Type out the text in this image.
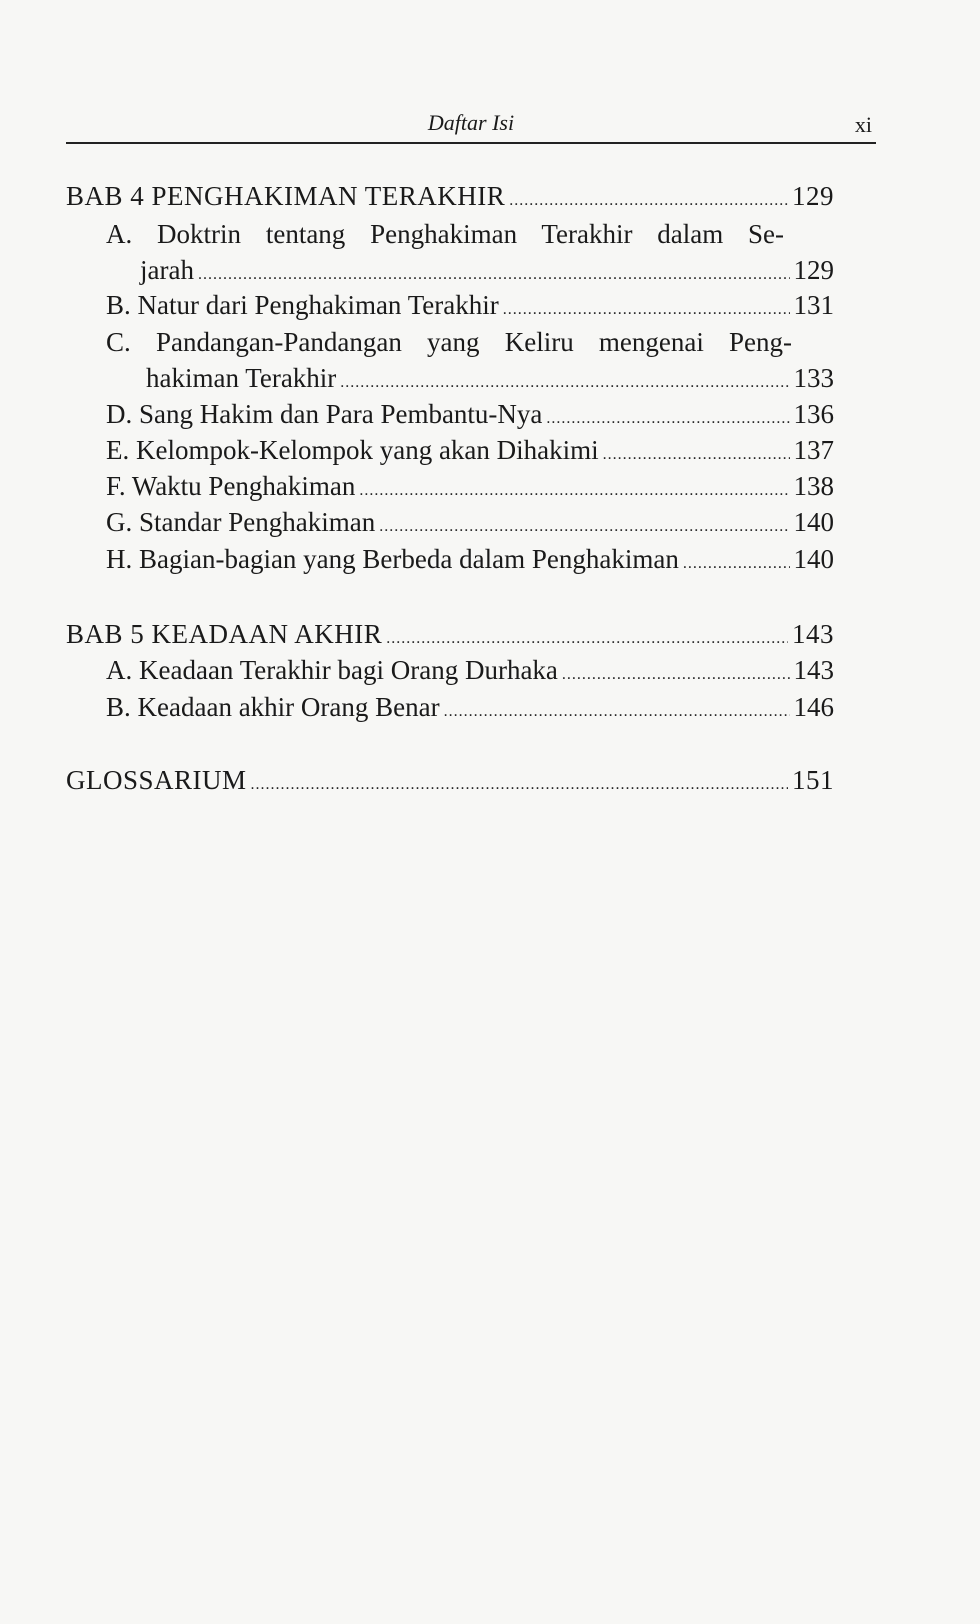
Daftar Isi	xi
BAB 4 PENGHAKIMAN TERAKHIR .....	129
A. Doktrin tentang Penghakiman Terakhir dalam Se-
jarah .....	129
B. Natur dari Penghakiman Terakhir .....	131
C. Pandangan-Pandangan yang Keliru mengenai Peng-
hakiman Terakhir .....	133
D. Sang Hakim dan Para Pembantu-Nya .....	136
E. Kelompok-Kelompok yang akan Dihakimi .....	137
F. Waktu Penghakiman .....	138
G. Standar Penghakiman .....	140
H. Bagian-bagian yang Berbeda dalam Penghakiman .....	140
BAB 5 KEADAAN AKHIR .....	143
A. Keadaan Terakhir bagi Orang Durhaka .....	143
B. Keadaan akhir Orang Benar .....	146
GLOSSARIUM .....	151
